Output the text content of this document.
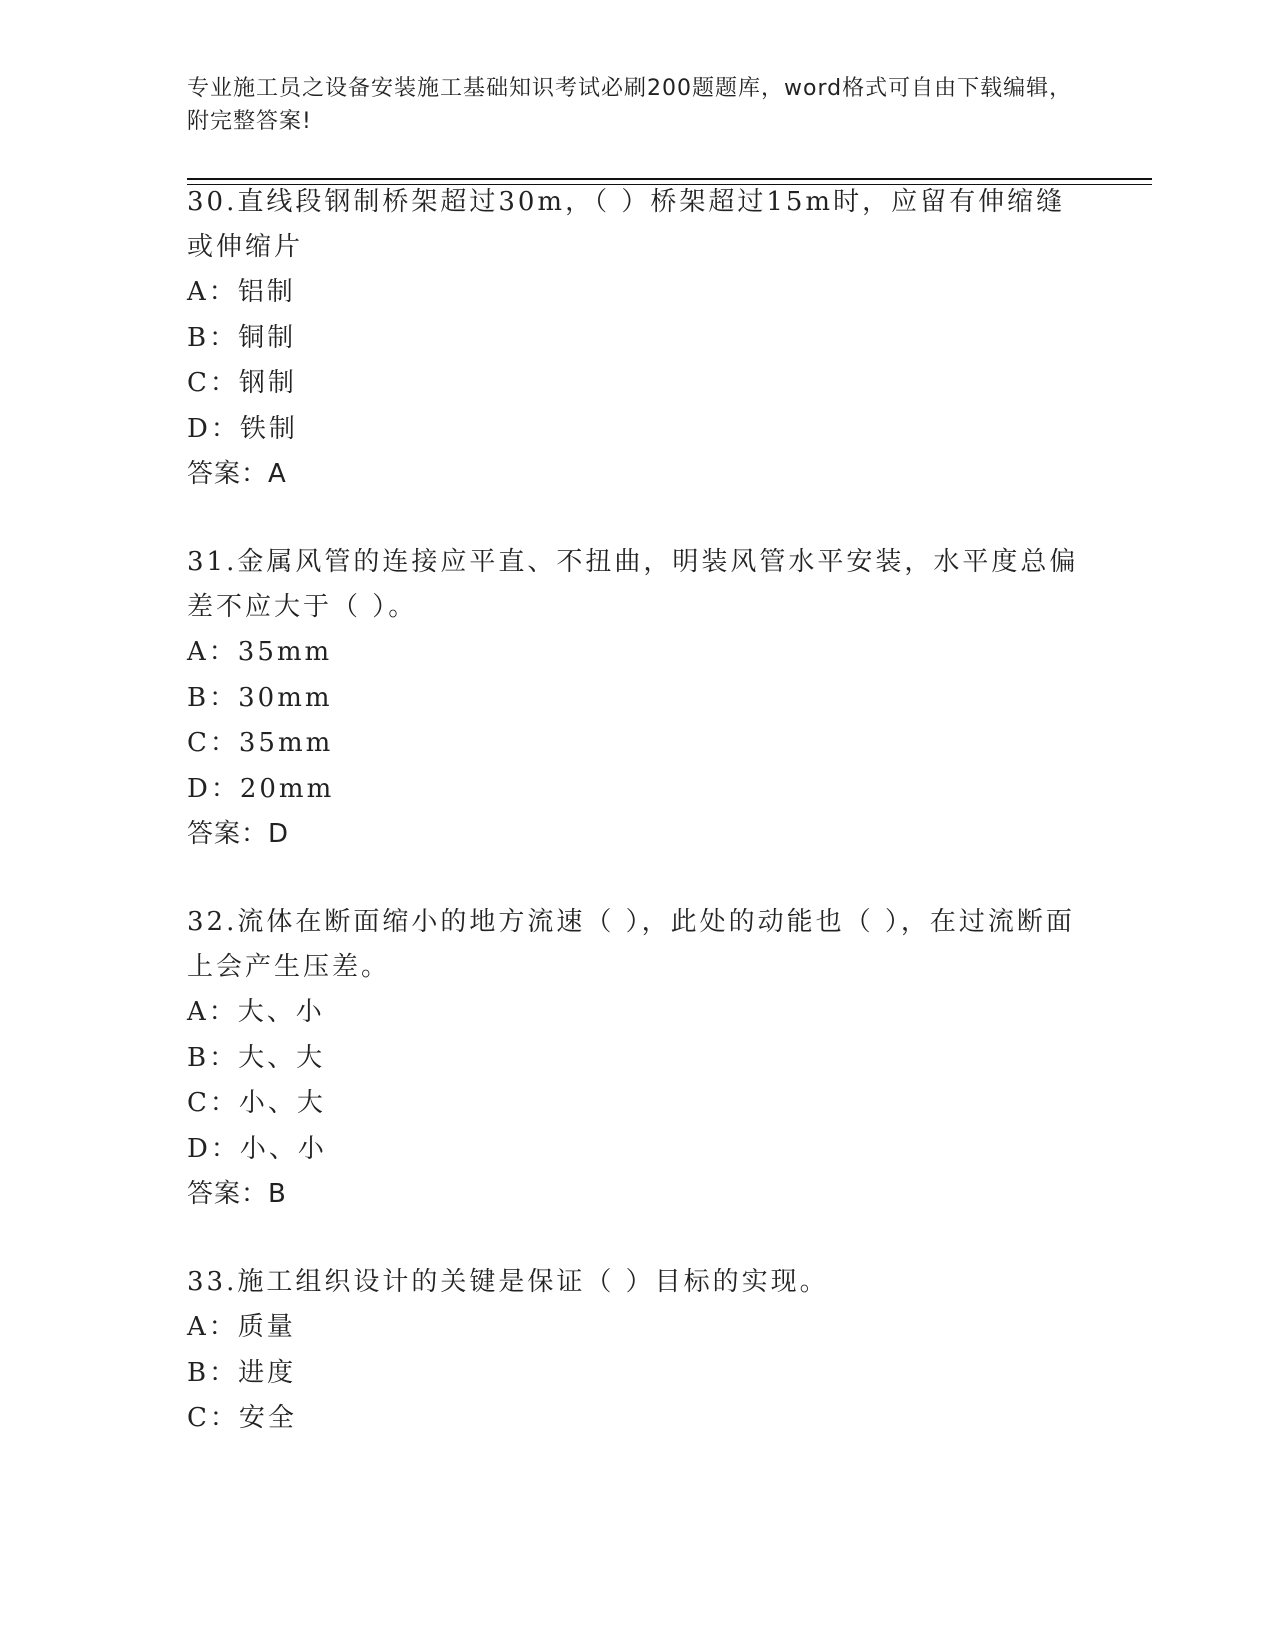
专业施工员之设备安装施工基础知识考试必刷200题题库，word格式可自由下载编辑，附完整答案!

30.直线段钢制桥架超过30m，（ ）桥架超过15m时，应留有伸缩缝或伸缩片

A：铝制

B：铜制

C：钢制

D：铁制

答案：A

31.金属风管的连接应平直、不扭曲，明装风管水平安装，水平度总偏差不应大于（ ）。

A：35mm

B：30mm

C：35mm

D：20mm

答案：D

32.流体在断面缩小的地方流速（ ），此处的动能也（ ），在过流断面上会产生压差。

A：大、小

B：大、大

C：小、大

D：小、小

答案：B

33.施工组织设计的关键是保证（ ）目标的实现。

A：质量

B：进度

C：安全
